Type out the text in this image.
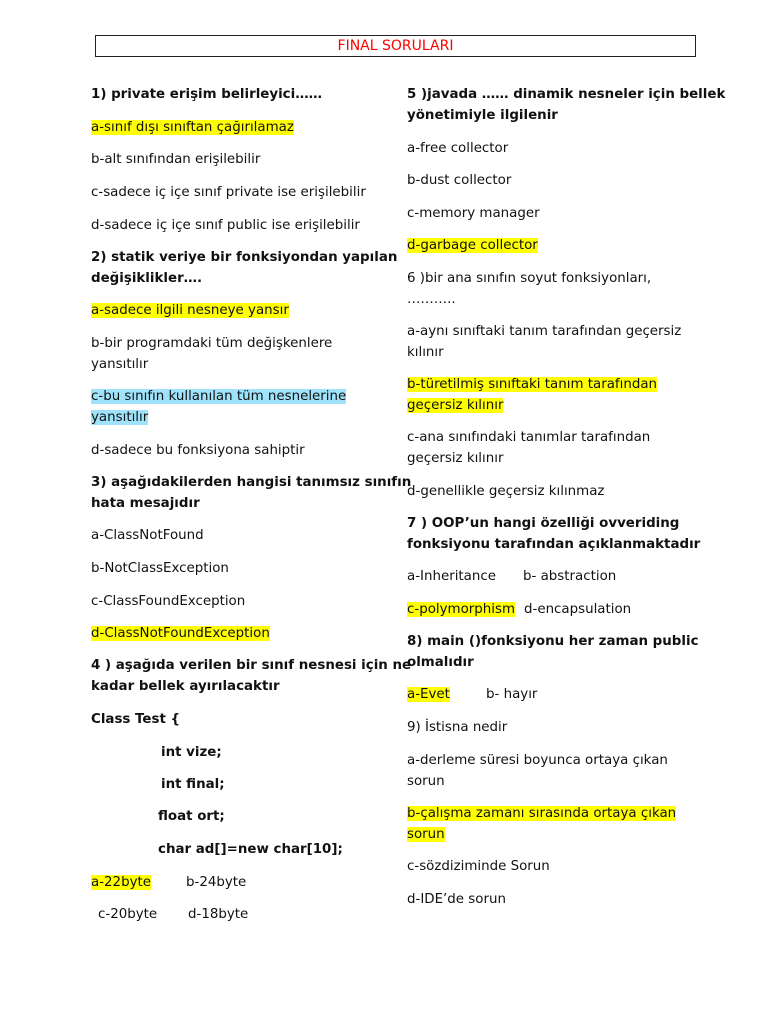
FINAL SORULARI
1) private erişim belirleyici……
a-sınıf dışı sınıftan çağırılamaz
b-alt sınıfından erişilebilir
c-sadece iç içe sınıf private ise erişilebilir
d-sadece iç içe sınıf public ise erişilebilir
2) statik veriye bir fonksiyondan yapılan
değişiklikler….
a-sadece ilgili nesneye yansır
b-bir programdaki tüm değişkenlere
yansıtılır
c-bu sınıfın kullanılan tüm nesnelerine
yansıtılır
d-sadece bu fonksiyona sahiptir
3) aşağıdakilerden hangisi tanımsız sınıfın
hata mesajıdır
a-ClassNotFound
b-NotClassException
c-ClassFoundException
d-ClassNotFoundException
4 ) aşağıda verilen bir sınıf nesnesi için ne
kadar bellek ayırılacaktır
Class Test {
int vize;
int final;
float ort;
char ad[]=new char[10];
a-22byte	b-24byte
c-20byte d-18byte
5 )javada …… dinamik nesneler için bellek
yönetimiyle ilgilenir
a-free collector
b-dust collector
c-memory manager
d-garbage collector
6 )bir ana sınıfın soyut fonksiyonları,
………..
a-aynı sınıftaki tanım tarafından geçersiz
kılınır
b-türetilmiş sınıftaki tanım tarafından
geçersiz kılınır
c-ana sınıfındaki tanımlar tarafından
geçersiz kılınır
d-genellikle geçersiz kılınmaz
7 ) OOP’un hangi özelliği ovveriding
fonksiyonu tarafından açıklanmaktadır
a-Inheritance b- abstraction
c-polymorphism d-encapsulation
8) main ()fonksiyonu her zaman public
olmalıdır
a-Evet	b- hayır
9) İstisna nedir
a-derleme süresi boyunca ortaya çıkan
sorun
b-çalışma zamanı sırasında ortaya çıkan
sorun
c-sözdiziminde Sorun
d-IDE’de sorun
